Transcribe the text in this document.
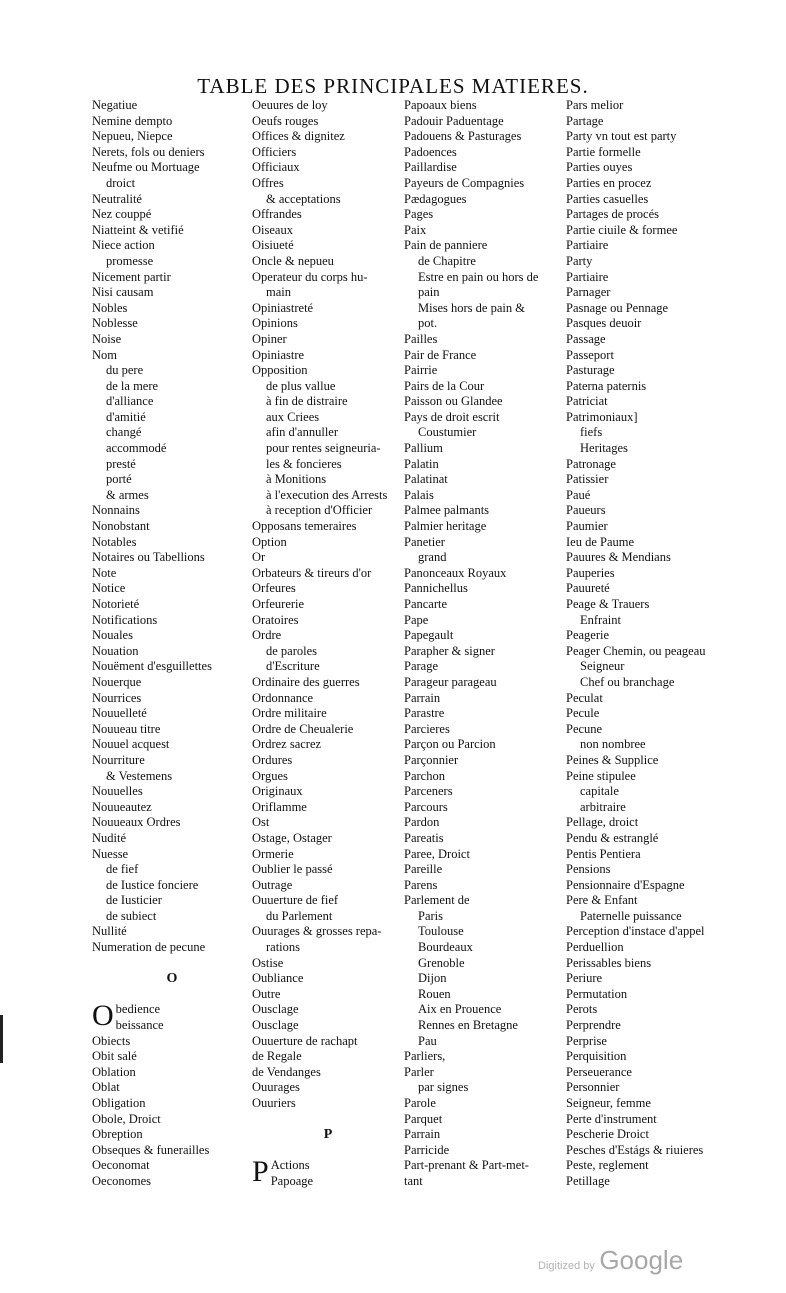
TABLE DES PRINCIPALES MATIERES.
Negatiue
Nemine dempto
Nepueu, Niepce
Nerets, fols ou deniers
Neufme ou Mortuage
droict
Neutralité
Nez couppé
Niatteint & vetifié
Niece action
promesse
Nicement partir
Nisi causam
Nobles
Noblesse
Noise
Nom
du pere
de la mere
d'alliance
d'amitié
changé
accommodé
presté
porté
& armes
Nonnains
Nonobstant
Notables
Notaires ou Tabellions
Note
Notice
Notorieté
Notifications
Nouales
Nouation
Nouëment d'esguillettes
Nouerque
Nourrices
Nouuelleté
Nouueau titre
Nouuel acquest
Nourriture
& Vestemens
Nouuelles
Nouueautez
Nouueaux Ordres
Nudité
Nuesse
de fief
de Iustice fonciere
de Iusticier
de subiect
Nullité
Numeration de pecune
O
O bedience
beissance
Obiects
Obit salé
Oblation
Oblat
Obligation
Obole, Droict
Obreption
Obseques & funerailles
Oeconomat
Oeconomes
Oeuures de loy
Oeufs rouges
Offices & dignitez
Officiers
Officiaux
Offres
& acceptations
Offrandes
Oiseaux
Oisiueté
Oncle & nepueu
Operateur du corps hu-
main
Opiniastreté
Opinions
Opiner
Opiniastre
Opposition
de plus vallue
à fin de distraire
aux Criees
afin d'annuller
pour rentes seigneuria-
les & foncieres
à Monitions
à l'execution des Arrests
à reception d'Officier
Opposans temeraires
Option
Or
Orbateurs & tireurs d'or
Orfeures
Orfeurerie
Oratoires
Ordre
de paroles
d'Escriture
Ordinaire des guerres
Ordonnance
Ordre militaire
Ordre de Cheualerie
Ordrez sacrez
Ordures
Orgues
Originaux
Oriflamme
Ost
Ostage, Ostager
Ormerie
Oublier le passé
Outrage
Ouuerture de fief
du Parlement
Ouurages & grosses repa-
rations
Ostise
Oubliance
Outre
Ousclage
Ousclage
Ouuerture de rachapt
de Regale
de Vendanges
Ouurages
Ouuriers
P
P Actions
Papoage
Papoaux biens
Padouir Paduentage
Padouens & Pasturages
Padoences
Paillardise
Payeurs de Compagnies
Pædagogues
Pages
Paix
Pain de panniere
de Chapitre
Estre en pain ou hors de
pain
Mises hors de pain &
pot.
Pailles
Pair de France
Pairrie
Pairs de la Cour
Paisson ou Glandee
Pays de droit escrit
Coustumier
Pallium
Palatin
Palatinat
Palais
Palmee palmants
Palmier heritage
Panetier
grand
Panonceaux Royaux
Pannichellus
Pancarte
Pape
Papegault
Parapher & signer
Parage
Parageur parageau
Parrain
Parastre
Parcieres
Parçon ou Parcion
Parçonnier
Parchon
Parceners
Parcours
Pardon
Pareatis
Paree, Droict
Pareille
Parens
Parlement de
Paris
Toulouse
Bourdeaux
Grenoble
Dijon
Rouen
Aix en Prouence
Rennes en Bretagne
Pau
Parliers,
Parler
par signes
Parole
Parquet
Parrain
Parricide
Part-prenant & Part-met-
tant
Pars melior
Partage
Party vn tout est party
Partie formelle
Parties ouyes
Parties en procez
Parties casuelles
Partages de procés
Partie ciuile & formee
Partiaire
Party
Partiaire
Parnager
Pasnage ou Pennage
Pasques deuoir
Passage
Passeport
Pasturage
Paterna paternis
Patriciat
Patrimoniaux]
fiefs
Heritages
Patronage
Patissier
Paué
Paueurs
Paumier
Ieu de Paume
Pauures & Mendians
Pauperies
Pauureté
Peage & Trauers
Enfraint
Peagerie
Peager Chemin, ou peageau
Seigneur
Chef ou branchage
Peculat
Pecule
Pecune
non nombree
Peines & Supplice
Peine stipulee
capitale
arbitraire
Pellage, droict
Pendu & estranglé
Pentis Pentiera
Pensions
Pensionnaire d'Espagne
Pere & Enfant
Paternelle puissance
Perception d'instace d'appel
Perduellion
Perissables biens
Periure
Permutation
Perots
Perprendre
Perprise
Perquisition
Perseuerance
Personnier
Seigneur, femme
Perte d'instrument
Pescherie Droict
Pesches d'Estágs & riuieres
Peste, reglement
Petillage
Digitized by Google
